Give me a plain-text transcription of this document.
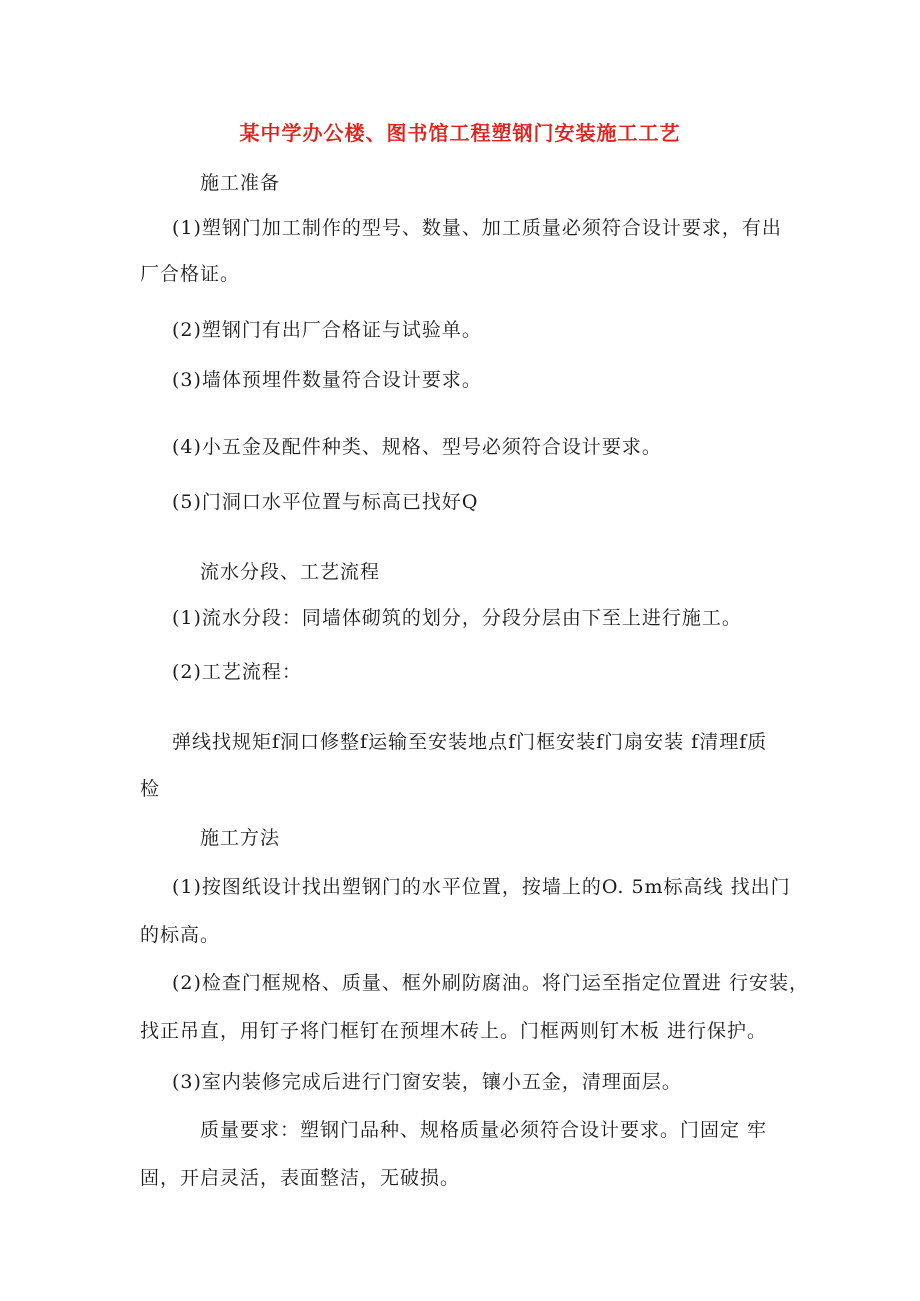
某中学办公楼、图书馆工程塑钢门安装施工工艺
施工准备
(1)塑钢门加工制作的型号、数量、加工质量必须符合设计要求， 有出
厂合格证。
(2)塑钢门有出厂合格证与试验单。
(3)墙体预埋件数量符合设计要求。
(4)小五金及配件种类、规格、型号必须符合设计要求。
(5)门洞口水平位置与标高已找好Q
流水分段、工艺流程
(1)流水分段：同墙体砌筑的划分，分段分层由下至上进行施工。
(2)工艺流程：
弹线找规矩f洞口修整f运输至安装地点f门框安装f门扇安装 f清理f质
检
施工方法
(1)按图纸设计找出塑钢门的水平位置，按墙上的O. 5m标高线 找出门
的标高。
(2)检查门框规格、质量、框外刷防腐油。将门运至指定位置进 行安装，
找正吊直，用钉子将门框钉在预埋木砖上。门框两则钉木板 进行保护。
(3)室内装修完成后进行门窗安装，镶小五金，清理面层。
质量要求：塑钢门品种、规格质量必须符合设计要求。门固定 牢
固，开启灵活，表面整洁，无破损。
